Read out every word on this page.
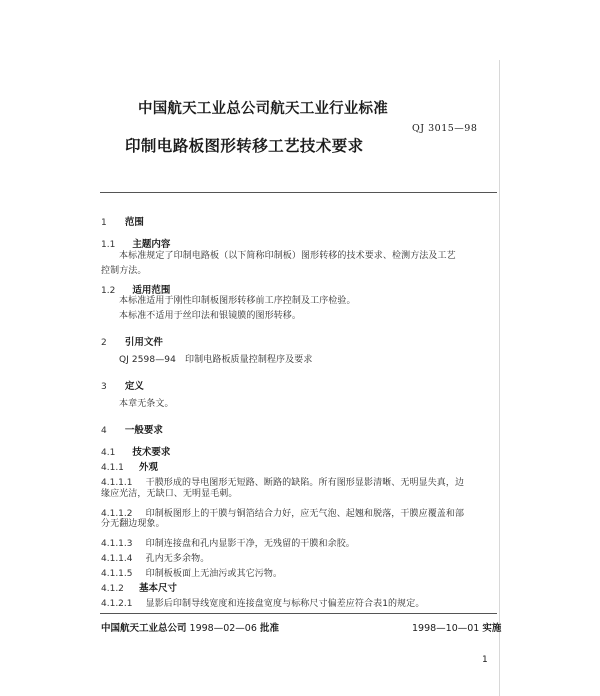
中国航天工业总公司航天工业行业标准
QJ 3015—98
印制电路板图形转移工艺技术要求
1 范围
1.1 主题内容
本标准规定了印制电路板（以下简称印制板）图形转移的技术要求、检测方法及工艺
控制方法。
1.2 适用范围
本标准适用于刚性印制板图形转移前工序控制及工序检验。
本标准不适用于丝印法和银镜膜的图形转移。
2 引用文件
QJ 2598—94　印制电路板质量控制程序及要求
3 定义
本章无条文。
4 一般要求
4.1 技术要求
4.1.1 外观
4.1.1.1 干膜形成的导电图形无短路、断路的缺陷。所有图形显影清晰、无明显失真，边
缘应光洁，无缺口、无明显毛刺。
4.1.1.2 印制板图形上的干膜与铜箔结合力好，应无气泡、起翘和脱落，干膜应覆盖和部
分无翻边现象。
4.1.1.3 印制连接盘和孔内显影干净，无残留的干膜和余胶。
4.1.1.4 孔内无多余物。
4.1.1.5 印制板板面上无油污或其它污物。
4.1.2 基本尺寸
4.1.2.1 显影后印制导线宽度和连接盘宽度与标称尺寸偏差应符合表1的规定。
中国航天工业总公司 1998—02—06 批准	1998—10—01 实施
1
